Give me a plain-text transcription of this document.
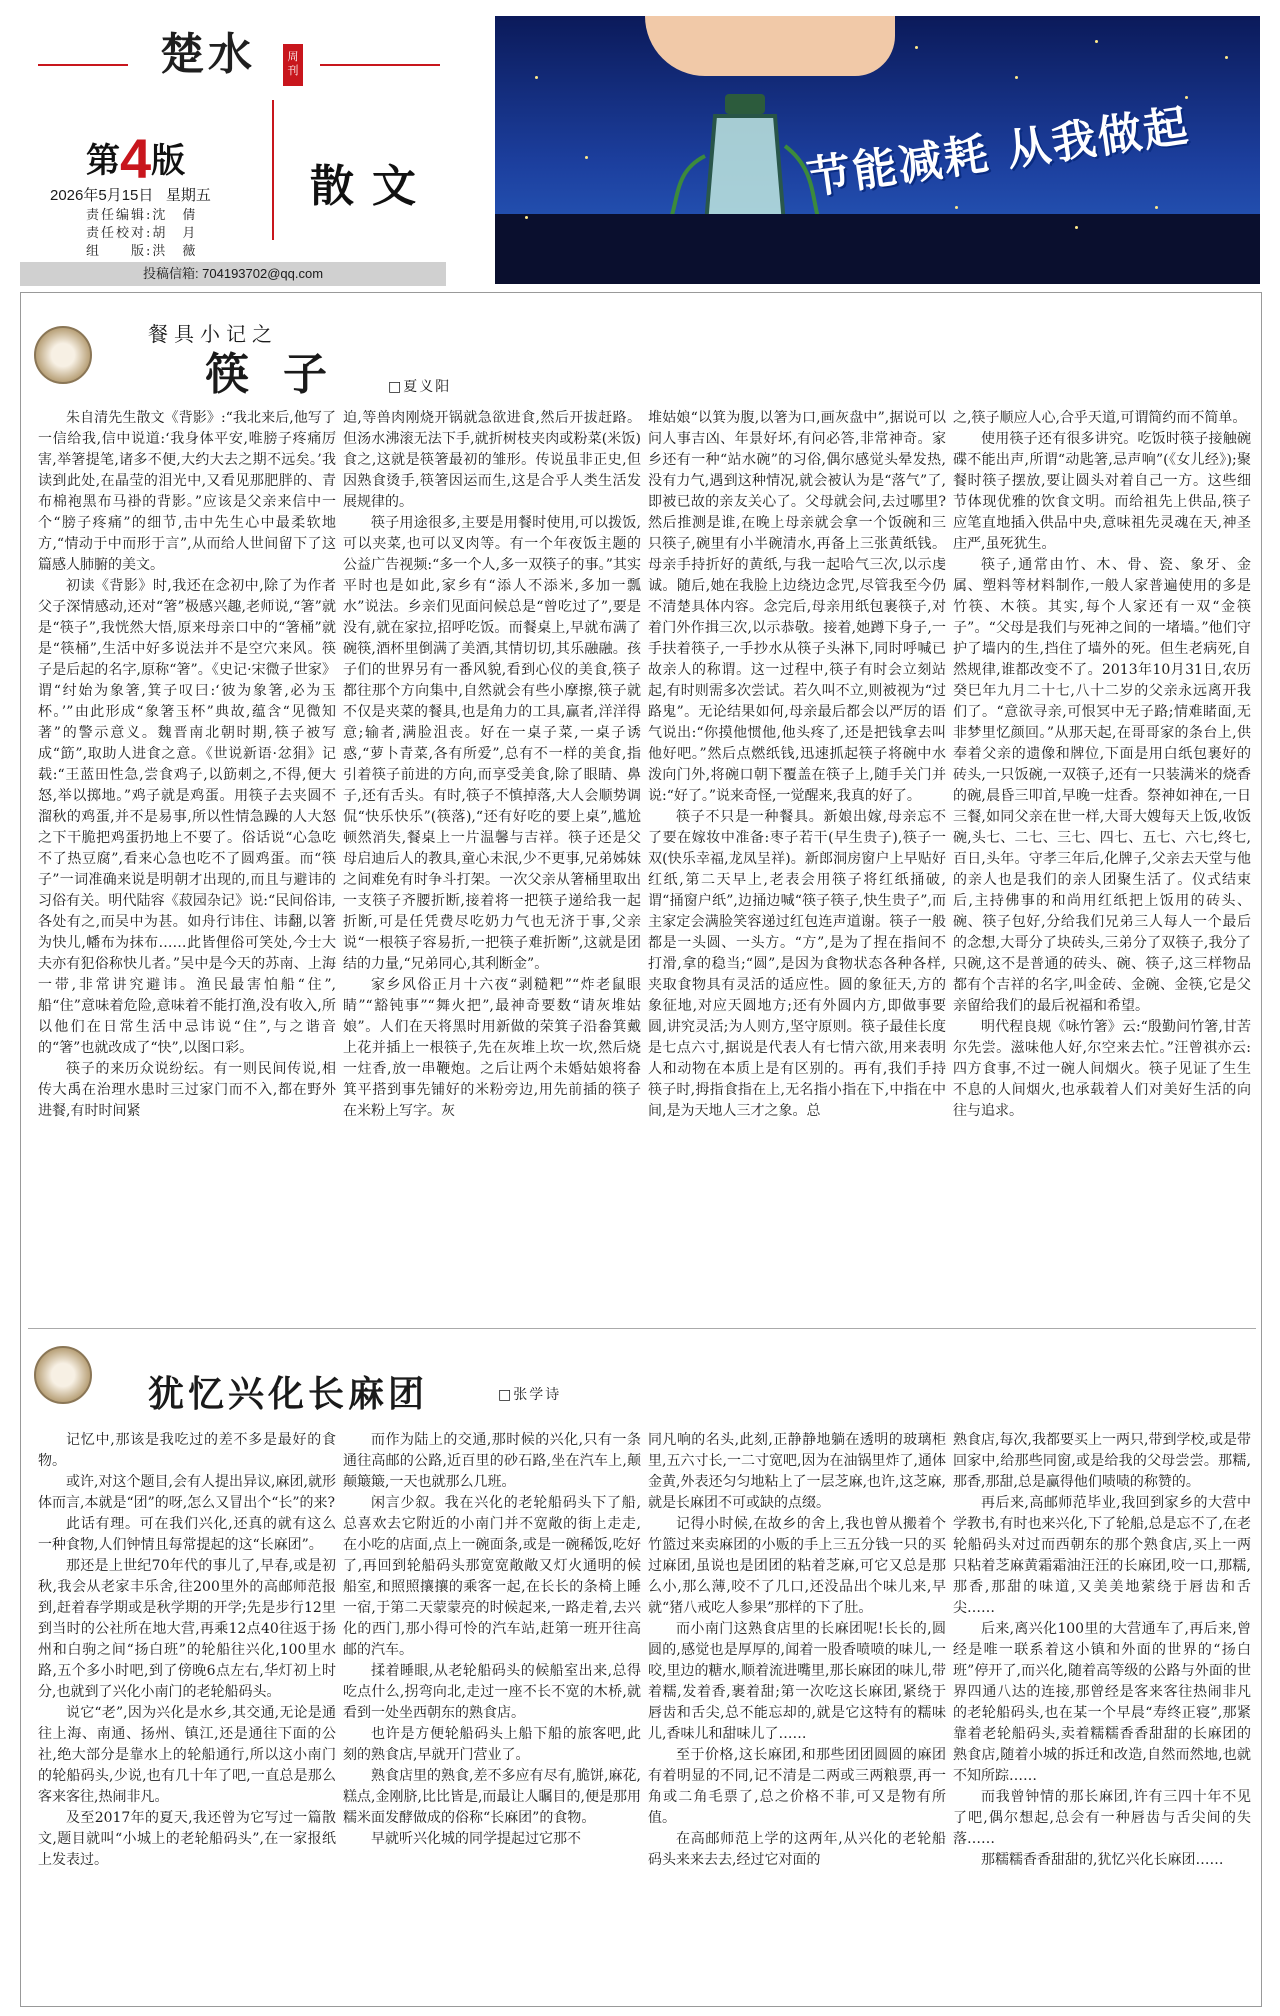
楚水	周刊
第4版
2026年5月15日 星期五
责任编辑:沈　倩
责任校对:胡　月
组　　版:洪　薇
散文
投稿信箱: 704193702@qq.com
节能减耗 从我做起
餐具小记之
筷子 □夏义阳

朱自清先生散文《背影》:“我北来后,他写了一信给我,信中说道:‘我身体平安,唯膀子疼痛厉害,举箸提笔,诸多不便,大约大去之期不远矣。’我读到此处,在晶莹的泪光中,又看见那肥胖的、青布棉袍黑布马褂的背影。”应该是父亲来信中一个“膀子疼痛”的细节,击中先生心中最柔软地方,“情动于中而形于言”,从而给人世间留下了这篇感人肺腑的美文。

初读《背影》时,我还在念初中,除了为作者父子深情感动,还对“箸”极感兴趣,老师说,“箸”就是“筷子”,我恍然大悟,原来母亲口中的“箸桶”就是“筷桶”,生活中好多说法并不是空穴来风。筷子是后起的名字,原称“箸”。《史记·宋微子世家》谓“纣始为象箸,箕子叹曰:‘彼为象箸,必为玉杯。’”由此形成“象箸玉杯”典故,蕴含“见微知著”的警示意义。魏晋南北朝时期,筷子被写成“筯”,取助人进食之意。《世说新语·忿狷》记载:“王蓝田性急,尝食鸡子,以筯刺之,不得,便大怒,举以掷地。”鸡子就是鸡蛋。用筷子去夹圆不溜秋的鸡蛋,并不是易事,所以性情急躁的人大怒之下干脆把鸡蛋扔地上不要了。俗话说“心急吃不了热豆腐”,看来心急也吃不了圆鸡蛋。而“筷子”一词准确来说是明朝才出现的,而且与避讳的习俗有关。明代陆容《菽园杂记》说:“民间俗讳,各处有之,而吴中为甚。如舟行讳住、讳翻,以箸为快儿,幡布为抹布……此皆俚俗可笑处,今士大夫亦有犯俗称快儿者。”吴中是今天的苏南、上海一带,非常讲究避讳。渔民最害怕船“住”,船“住”意味着危险,意味着不能打渔,没有收入,所以他们在日常生活中忌讳说“住”,与之谐音的“箸”也就改成了“快”,以图口彩。

筷子的来历众说纷纭。有一则民间传说,相传大禹在治理水患时三过家门而不入,都在野外进餐,有时时间紧

迫,等兽肉刚烧开锅就急欲进食,然后开拔赶路。但汤水沸滚无法下手,就折树枝夹肉或粉菜(米饭)食之,这就是筷箸最初的雏形。传说虽非正史,但因熟食烫手,筷箸因运而生,这是合乎人类生活发展规律的。

筷子用途很多,主要是用餐时使用,可以拨饭,可以夹菜,也可以叉肉等。有一个年夜饭主题的公益广告视频:“多一个人,多一双筷子的事。”其实平时也是如此,家乡有“添人不添米,多加一瓢水”说法。乡亲们见面问候总是“曾吃过了”,要是没有,就在家拉,招呼吃饭。而餐桌上,早就布满了碗筷,酒杯里倒满了美酒,其情切切,其乐融融。孩子们的世界另有一番风貌,看到心仪的美食,筷子都往那个方向集中,自然就会有些小摩擦,筷子就不仅是夹菜的餐具,也是角力的工具,赢者,洋洋得意;输者,满脸沮丧。好在一桌子菜,一桌子诱惑,“萝卜青菜,各有所爱”,总有不一样的美食,指引着筷子前进的方向,而享受美食,除了眼睛、鼻子,还有舌头。有时,筷子不慎掉落,大人会顺势调侃“快乐快乐”(筷落),“还有好吃的要上桌”,尴尬顿然消失,餐桌上一片温馨与吉祥。筷子还是父母启迪后人的教具,童心未泯,少不更事,兄弟姊妹之间难免有时争斗打架。一次父亲从箸桶里取出一支筷子齐腰折断,接着将一把筷子递给我一起折断,可是任凭费尽吃奶力气也无济于事,父亲说“一根筷子容易折,一把筷子难折断”,这就是团结的力量,“兄弟同心,其利断金”。

家乡风俗正月十六夜“剥糙粑”“炸老鼠眼睛”“豁钝事”“舞火把”,最神奇要数“请灰堆姑娘”。人们在天将黑时用新做的荣箕子沿畚箕戴上花并插上一根筷子,先在灰堆上坎一坎,然后烧一炷香,放一串鞭炮。之后让两个未婚姑娘将畚箕平搭到事先铺好的米粉旁边,用先前插的筷子在米粉上写字。灰

堆姑娘“以箕为腹,以箸为口,画灰盘中”,据说可以问人事吉凶、年景好坏,有问必答,非常神奇。家乡还有一种“站水碗”的习俗,偶尔感觉头晕发热,没有力气,遇到这种情况,就会被认为是“落气”了,即被已故的亲友关心了。父母就会问,去过哪里?然后推测是谁,在晚上母亲就会拿一个饭碗和三只筷子,碗里有小半碗清水,再备上三张黄纸钱。母亲手持折好的黄纸,与我一起哈气三次,以示虔诚。随后,她在我脸上边绕边念咒,尽管我至今仍不清楚具体内容。念完后,母亲用纸包裹筷子,对着门外作揖三次,以示恭敬。接着,她蹲下身子,一手扶着筷子,一手抄水从筷子头淋下,同时呼喊已故亲人的称谓。这一过程中,筷子有时会立刻站起,有时则需多次尝试。若久叫不立,则被视为“过路鬼”。无论结果如何,母亲最后都会以严厉的语气说出:“你摸他惯他,他头疼了,还是把钱拿去叫他好吧。”然后点燃纸钱,迅速抓起筷子将碗中水泼向门外,将碗口朝下覆盖在筷子上,随手关门并说:“好了。”说来奇怪,一觉醒来,我真的好了。

筷子不只是一种餐具。新娘出嫁,母亲忘不了要在嫁妆中准备:枣子若干(早生贵子),筷子一双(快乐幸福,龙凤呈祥)。新郎洞房窗户上早贴好红纸,第二天早上,老表会用筷子将红纸捅破,谓“捅窗户纸”,边捅边喊“筷子筷子,快生贵子”,而主家定会满脸笑容递过红包连声道谢。筷子一般都是一头圆、一头方。“方”,是为了捏在指间不打滑,拿的稳当;“圆”,是因为食物状态各种各样,夹取食物具有灵活的适应性。圆的象征天,方的象征地,对应天圆地方;还有外圆内方,即做事要圆,讲究灵活;为人则方,坚守原则。筷子最佳长度是七点六寸,据说是代表人有七情六欲,用来表明人和动物在本质上是有区别的。再有,我们手持筷子时,拇指食指在上,无名指小指在下,中指在中间,是为天地人三才之象。总

之,筷子顺应人心,合乎天道,可谓简约而不简单。

使用筷子还有很多讲究。吃饭时筷子接触碗碟不能出声,所谓“动匙箸,忌声响”(《女儿经》);聚餐时筷子摆放,要让圆头对着自己一方。这些细节体现优雅的饮食文明。而给祖先上供品,筷子应笔直地插入供品中央,意味祖先灵魂在天,神圣庄严,虽死犹生。

筷子,通常由竹、木、骨、瓷、象牙、金属、塑料等材料制作,一般人家普遍使用的多是竹筷、木筷。其实,每个人家还有一双“金筷子”。“父母是我们与死神之间的一堵墙。”他们守护了墙内的生,挡住了墙外的死。但生老病死,自然规律,谁都改变不了。2013年10月31日,农历癸巳年九月二十七,八十二岁的父亲永远离开我们了。“意欲寻亲,可恨冥中无子路;情难睹面,无非梦里忆颜回。”从那天起,在哥哥家的条台上,供奉着父亲的遗像和牌位,下面是用白纸包裹好的砖头,一只饭碗,一双筷子,还有一只装满米的烧香的碗,晨昏三叩首,早晚一炷香。祭神如神在,一日三餐,如同父亲在世一样,大哥大嫂每天上饭,收饭碗,头七、二七、三七、四七、五七、六七,终七,百日,头年。守孝三年后,化牌子,父亲去天堂与他的亲人也是我们的亲人团聚生活了。仪式结束后,主持佛事的和尚用红纸把上饭用的砖头、碗、筷子包好,分给我们兄弟三人每人一个最后的念想,大哥分了块砖头,三弟分了双筷子,我分了只碗,这不是普通的砖头、碗、筷子,这三样物品都有个吉祥的名字,叫金砖、金碗、金筷,它是父亲留给我们的最后祝福和希望。

明代程良规《咏竹箸》云:“殷勤问竹箸,甘苦尔先尝。滋味他人好,尔空来去忙。”汪曾祺亦云:四方食事,不过一碗人间烟火。筷子见证了生生不息的人间烟火,也承载着人们对美好生活的向往与追求。

犹忆兴化长麻团	□张学诗

记忆中,那该是我吃过的差不多是最好的食物。

或许,对这个题目,会有人提出异议,麻团,就形体而言,本就是“团”的呀,怎么又冒出个“长”的来?

此话有理。可在我们兴化,还真的就有这么一种食物,人们钟情且每常提起的这“长麻团”。

那还是上世纪70年代的事儿了,早春,或是初秋,我会从老家丰乐舍,往200里外的高邮师范报到,赶着春学期或是秋学期的开学;先是步行12里到当时的公社所在地大营,再乘12点40往返于扬州和白驹之间“扬白班”的轮船往兴化,100里水路,五个多小时吧,到了傍晚6点左右,华灯初上时分,也就到了兴化小南门的老轮船码头。

说它“老”,因为兴化是水乡,其交通,无论是通往上海、南通、扬州、镇江,还是通往下面的公社,绝大部分是靠水上的轮船通行,所以这小南门的轮船码头,少说,也有几十年了吧,一直总是那么客来客往,热闹非凡。

及至2017年的夏天,我还曾为它写过一篇散文,题目就叫“小城上的老轮船码头”,在一家报纸上发表过。

而作为陆上的交通,那时候的兴化,只有一条通往高邮的公路,近百里的砂石路,坐在汽车上,颠颠簸簸,一天也就那么几班。

闲言少叙。我在兴化的老轮船码头下了船,总喜欢去它附近的小南门并不宽敞的街上走走,在小吃的店面,点上一碗面条,或是一碗稀饭,吃好了,再回到轮船码头那宽宽敞敞又灯火通明的候船室,和照照攘攘的乘客一起,在长长的条椅上睡一宿,于第二天蒙蒙亮的时候起来,一路走着,去兴化的西门,那小得可怜的汽车站,赶第一班开往高邮的汽车。

揉着睡眼,从老轮船码头的候船室出来,总得吃点什么,拐弯向北,走过一座不长不宽的木桥,就看到一处坐西朝东的熟食店。

也许是方便轮船码头上船下船的旅客吧,此刻的熟食店,早就开门营业了。

熟食店里的熟食,差不多应有尽有,脆饼,麻花,糕点,金刚脐,比比皆是,而最让人瞩目的,便是那用糯米面发酵做成的俗称“长麻团”的食物。

早就听兴化城的同学提起过它那不

同凡响的名头,此刻,正静静地躺在透明的玻璃柜里,五六寸长,一二寸宽吧,因为在油锅里炸了,通体金黄,外表还匀匀地粘上了一层芝麻,也许,这芝麻,就是长麻团不可或缺的点缀。

记得小时候,在故乡的舍上,我也曾从搬着个竹篮过来卖麻团的小贩的手上三五分钱一只的买过麻团,虽说也是团团的粘着芝麻,可它又总是那么小,那么薄,咬不了几口,还没品出个味儿来,早就“猪八戒吃人参果”那样的下了肚。

而小南门这熟食店里的长麻团呢!长长的,圆圆的,感觉也是厚厚的,闻着一股香喷喷的味儿,一咬,里边的糖水,顺着流进嘴里,那长麻团的味儿,带着糯,发着香,裹着甜;第一次吃这长麻团,紧绕于唇齿和舌尖,总不能忘却的,就是它这特有的糯味儿,香味儿和甜味儿了……

至于价格,这长麻团,和那些团团圆圆的麻团有着明显的不同,记不清是二两或三两粮票,再一角或二角毛票了,总之价格不菲,可又是物有所值。

在高邮师范上学的这两年,从兴化的老轮船码头来来去去,经过它对面的

熟食店,每次,我都要买上一两只,带到学校,或是带回家中,给那些同窗,或是给我的父母尝尝。那糯,那香,那甜,总是赢得他们啧啧的称赞的。

再后来,高邮师范毕业,我回到家乡的大营中学教书,有时也来兴化,下了轮船,总是忘不了,在老轮船码头对过而西朝东的那个熟食店,买上一两只粘着芝麻黄霜霜油汪汪的长麻团,咬一口,那糯,那香,那甜的味道,又美美地萦绕于唇齿和舌尖……

后来,离兴化100里的大营通车了,再后来,曾经是唯一联系着这小镇和外面的世界的“扬白班”停开了,而兴化,随着高等级的公路与外面的世界四通八达的连接,那曾经是客来客往热闹非凡的老轮船码头,也在某一个早晨“寿终正寝”,那紧靠着老轮船码头,卖着糯糯香香甜甜的长麻团的熟食店,随着小城的拆迁和改造,自然而然地,也就不知所踪……

而我曾钟情的那长麻团,许有三四十年不见了吧,偶尔想起,总会有一种唇齿与舌尖间的失落……

那糯糯香香甜甜的,犹忆兴化长麻团……
